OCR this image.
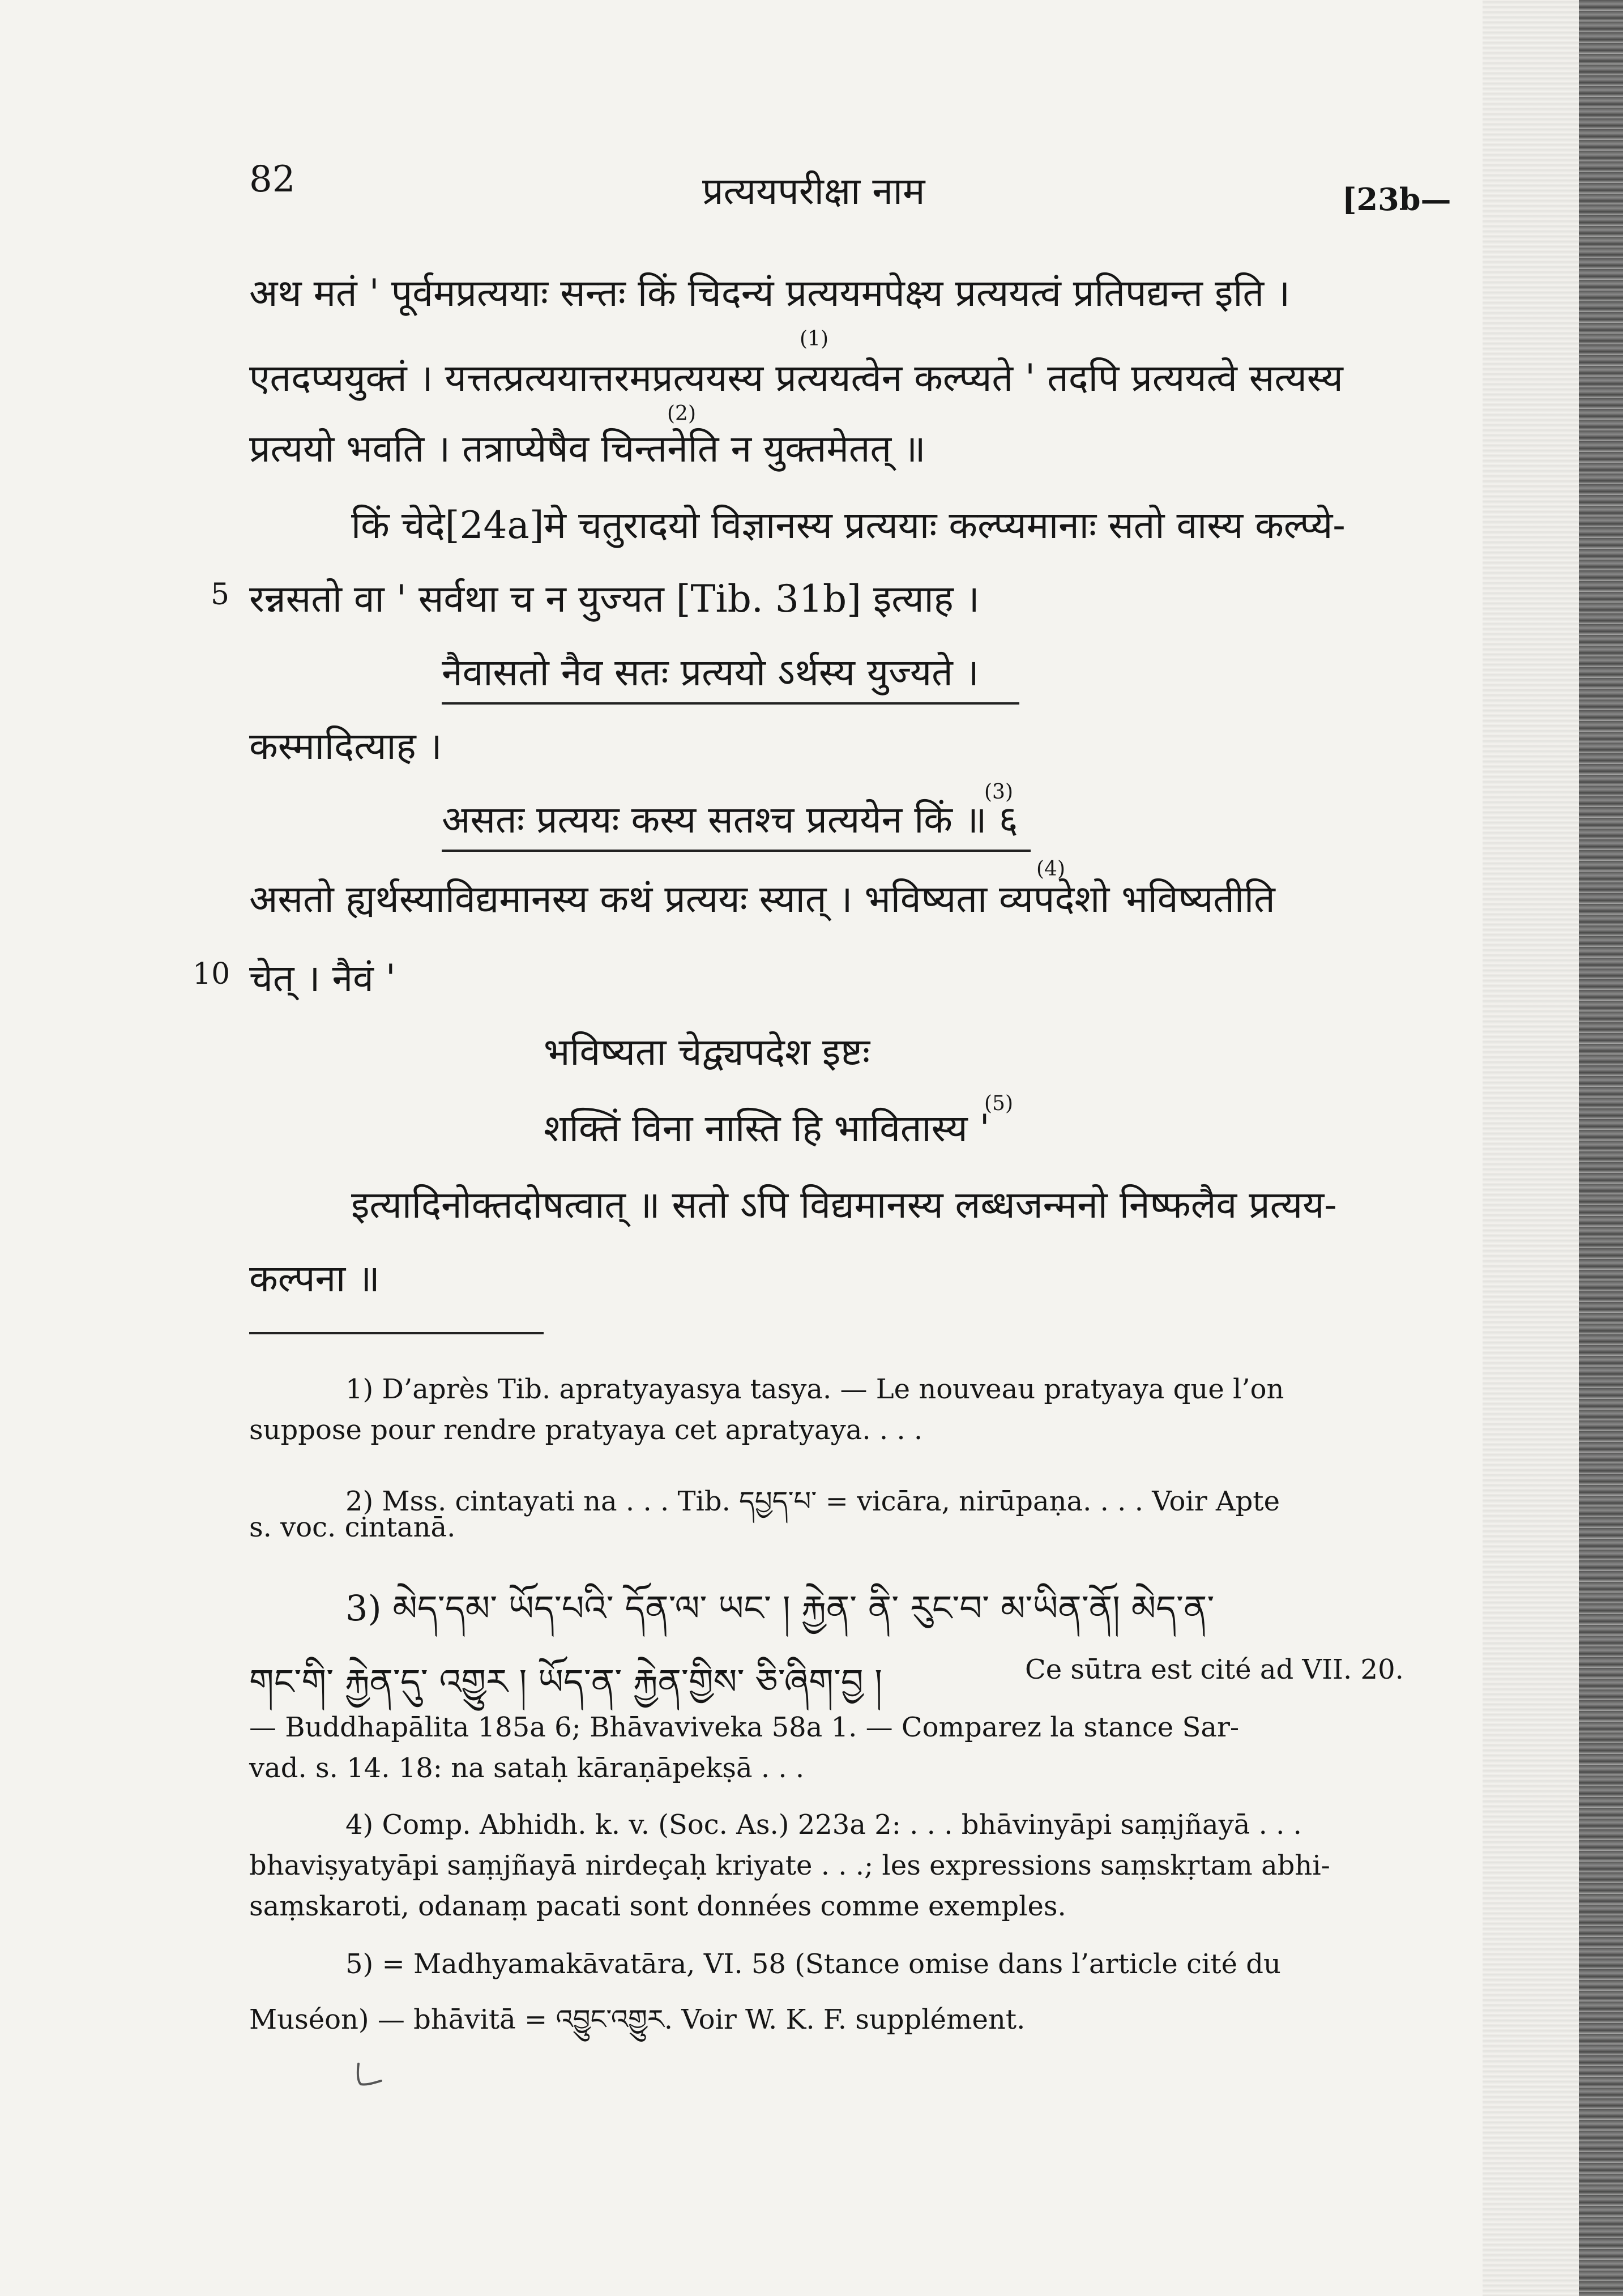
82	प्रत्ययपरीक्षा नाम	[23b—
अथ मतं ' पूर्वमप्रत्ययाः सन्तः किं चिदन्यं प्रत्ययमपेक्ष्य प्रत्ययत्वं प्रतिपद्यन्त इति ।
(1)
एतदप्ययुक्तं । यत्तत्प्रत्ययात्तरमप्रत्ययस्य प्रत्ययत्वेन कल्प्यते ' तदपि प्रत्ययत्वे सत्यस्य
(2)
प्रत्ययो भवति । तत्राप्येषैव चिन्तनेति न युक्तमेतत् ॥
किं चेदे[24a]मे चतुरादयो विज्ञानस्य प्रत्ययाः कल्प्यमानाः सतो वास्य कल्प्ये-
5 रन्नसतो वा ' सर्वथा च न युज्यत [Tib. 31b] इत्याह ।
नैवासतो नैव सतः प्रत्ययो ऽर्थस्य युज्यते ।
कस्मादित्याह ।
(3)
असतः प्रत्ययः कस्य सतश्च प्रत्ययेन किं ॥ ६
(4)
असतो ह्यर्थस्याविद्यमानस्य कथं प्रत्ययः स्यात् । भविष्यता व्यपदेशो भविष्यतीति
10 चेत् । नैवं '
भविष्यता चेद्व्यपदेश इष्टः
(5)
शक्तिं विना नास्ति हि भावितास्य '
इत्यादिनोक्तदोषत्वात् ॥ सतो ऽपि विद्यमानस्य लब्धजन्मनो निष्फलैव प्रत्यय-
कल्पना ॥
1) D’après Tib. apratyayasya tasya. — Le nouveau pratyaya que l’on
suppose pour rendre pratyaya cet apratyaya. . . .
2) Mss. cintayati na . . . Tib. དཔྱད་པ་ = vicāra, nirūpaṇa. . . . Voir Apte
s. voc. cintanā.
3) མེད་དམ་ ཡོད་པའི་ དོན་ལ་ ཡང་ ། རྐྱེན་ ནི་ རུང་བ་ མ་ཡིན་ནོ། མེད་ན་
གང་གི་ རྐྱེན་དུ་ འགྱུར ། ཡོད་ན་ རྐྱེན་གྱིས་ ཅི་ཞིག་བྱ །	Ce sūtra est cité ad VII. 20.
— Buddhapālita 185a 6; Bhāvaviveka 58a 1. — Comparez la stance Sar-
vad. s. 14. 18: na sataḥ kāraṇāpekṣā . . .
4) Comp. Abhidh. k. v. (Soc. As.) 223a 2: . . . bhāvinyāpi saṃjñayā . . .
bhaviṣyatyāpi saṃjñayā nirdeçaḥ kriyate . . .; les expressions saṃskṛtam abhi-
saṃskaroti, odanaṃ pacati sont données comme exemples.
5) = Madhyamakāvatāra, VI. 58 (Stance omise dans l’article cité du
Muséon) — bhāvitā = འབྱུང་འགྱུར. Voir W. K. F. supplément.
